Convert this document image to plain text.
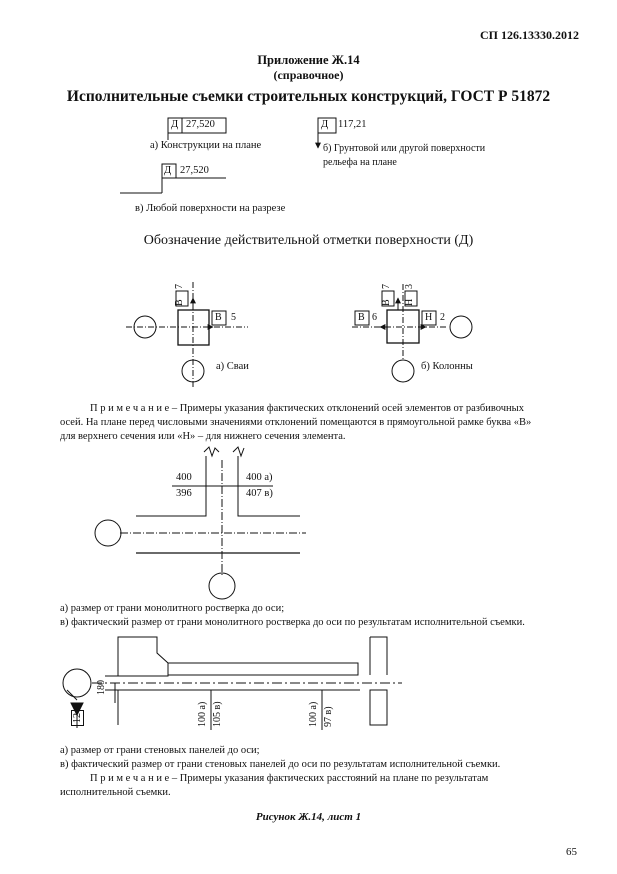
СП 126.13330.2012
Приложение Ж.14
(справочное)
Исполнительные съемки строительных конструкций, ГОСТ Р 51872
Д 27,520
а) Конструкции на плане
Д 117,21
б) Грунтовой или другой поверхности
рельефа на плане
Д 27,520
в) Любой поверхности на разрезе
Обозначение действительной отметки поверхности (Д)
В
7
В 5
а) Сваи
В
7
Н
3
В 6	Н 2
б) Колонны
П р и м е ч а н и е – Примеры указания фактических отклонений осей элементов от разбивочных
осей. На плане перед числовыми значениями отклонений помещаются в прямоугольной рамке буква «В»
для верхнего сечения или «Н» – для нижнего сечения элемента.
400
396
400 а)
407 в)
а) размер от грани монолитного ростверка до оси;
в) фактический размер от грани монолитного ростверка до оси по результатам исполнительной съемки.
180
12	100 а)
105 в)
100 а)
97 в)
а) размер от грани стеновых панелей до оси;
в) фактический размер от грани стеновых панелей до оси по результатам исполнительной съемки.
П р и м е ч а н и е – Примеры указания фактических расстояний на плане по результатам
исполнительной съемки.
Рисунок Ж.14, лист 1
65
